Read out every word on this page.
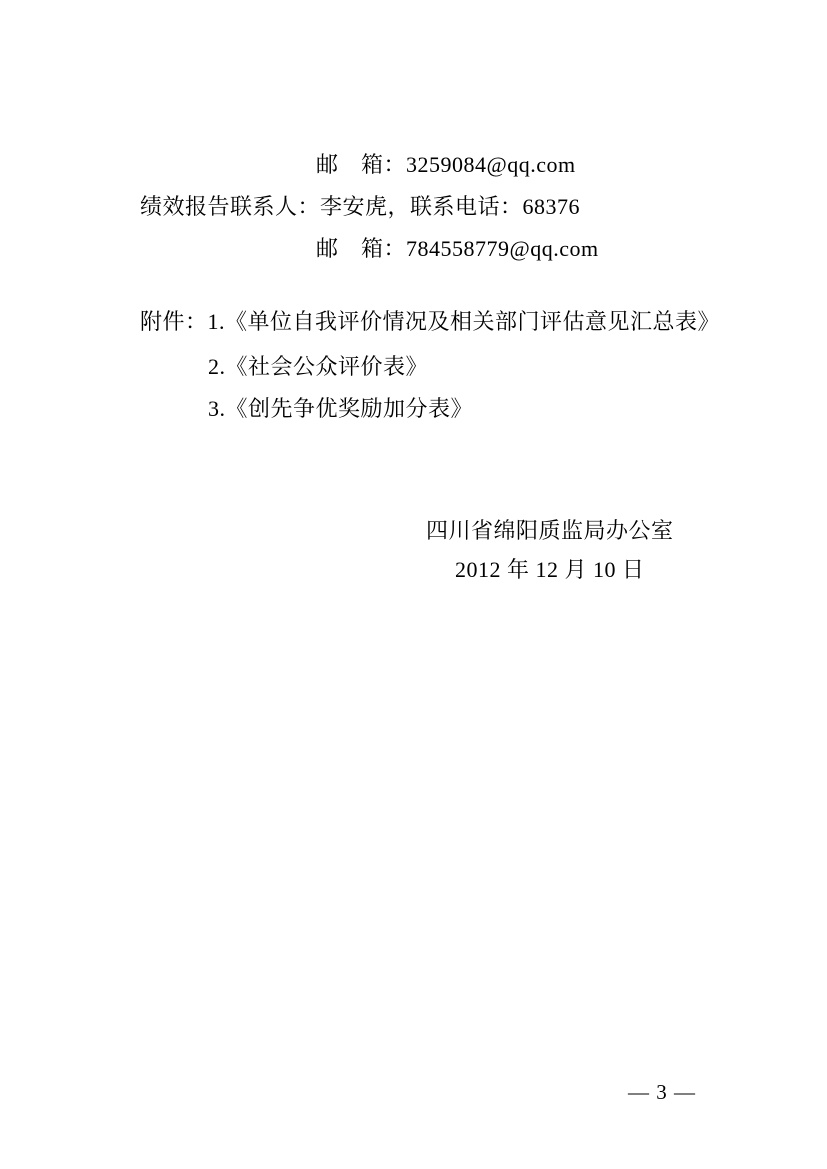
邮　箱：3259084@qq.com
绩效报告联系人：李安虎，联系电话：68376
邮　箱：784558779@qq.com
附件：1.《单位自我评价情况及相关部门评估意见汇总表》
2.《社会公众评价表》
3.《创先争优奖励加分表》
四川省绵阳质监局办公室
2012 年 12 月 10 日
— 3 —
